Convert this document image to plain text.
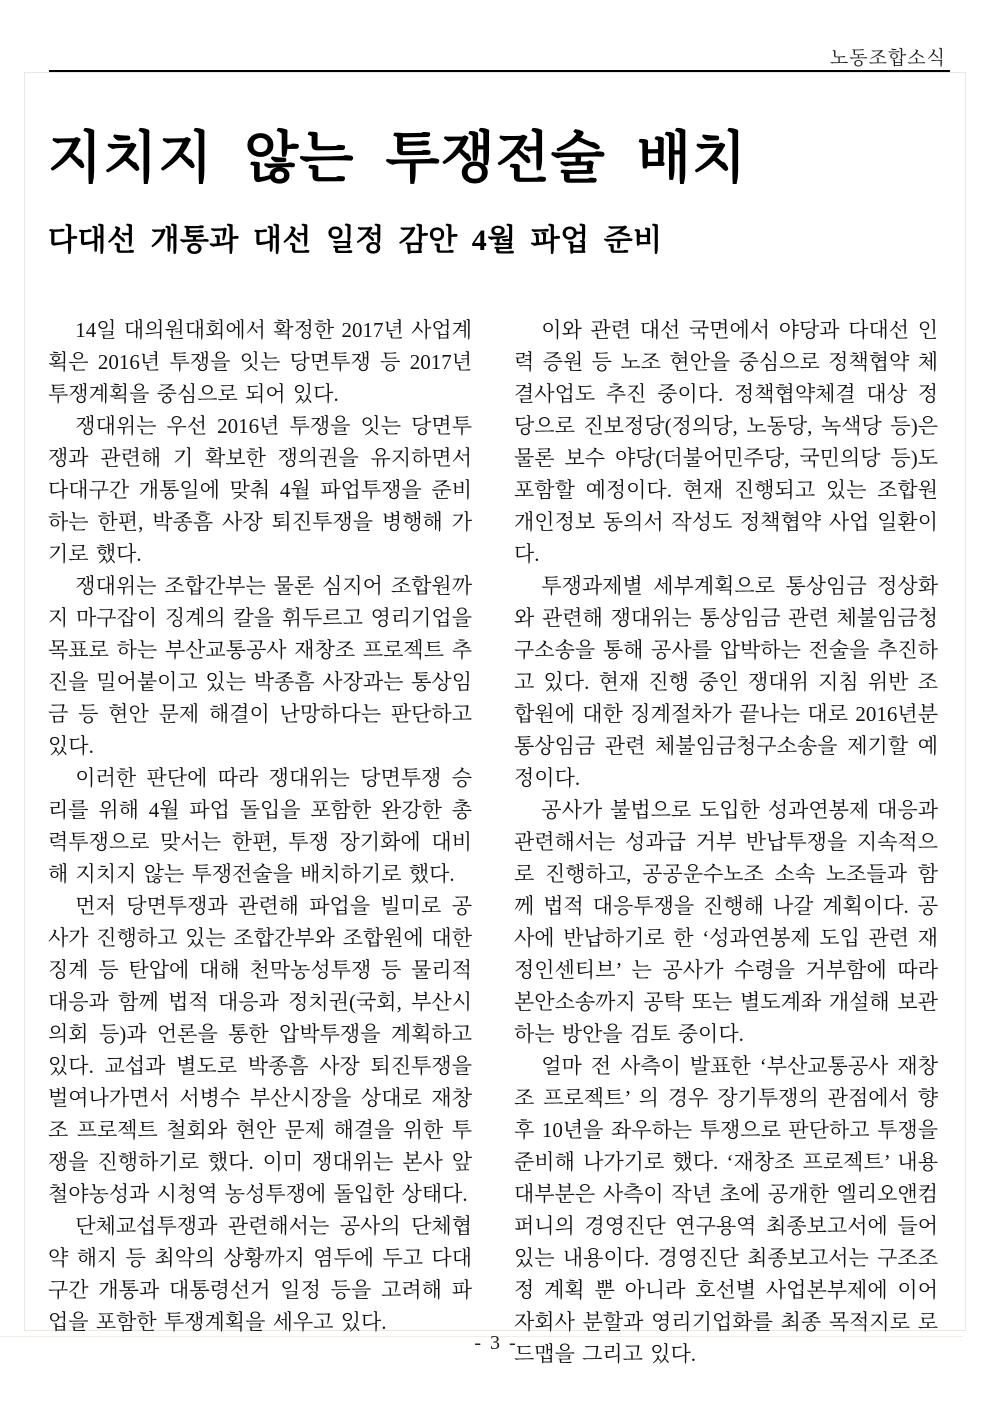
노동조합소식
지치지 않는 투쟁전술 배치
다대선 개통과 대선 일정 감안 4월 파업 준비

14일 대의원대회에서 확정한 2017년 사업계획은 2016년 투쟁을 잇는 당면투쟁 등 2017년 투쟁계획을 중심으로 되어 있다.

쟁대위는 우선 2016년 투쟁을 잇는 당면투쟁과 관련해 기 확보한 쟁의권을 유지하면서 다대구간 개통일에 맞춰 4월 파업투쟁을 준비하는 한편, 박종흠 사장 퇴진투쟁을 병행해 가기로 했다.

쟁대위는 조합간부는 물론 심지어 조합원까지 마구잡이 징계의 칼을 휘두르고 영리기업을 목표로 하는 부산교통공사 재창조 프로젝트 추진을 밀어붙이고 있는 박종흠 사장과는 통상임금 등 현안 문제 해결이 난망하다는 판단하고 있다.

이러한 판단에 따라 쟁대위는 당면투쟁 승리를 위해 4월 파업 돌입을 포함한 완강한 총력투쟁으로 맞서는 한편, 투쟁 장기화에 대비해 지치지 않는 투쟁전술을 배치하기로 했다.

먼저 당면투쟁과 관련해 파업을 빌미로 공사가 진행하고 있는 조합간부와 조합원에 대한 징계 등 탄압에 대해 천막농성투쟁 등 물리적 대응과 함께 법적 대응과 정치권(국회, 부산시의회 등)과 언론을 통한 압박투쟁을 계획하고 있다. 교섭과 별도로 박종흠 사장 퇴진투쟁을 벌여나가면서 서병수 부산시장을 상대로 재창조 프로젝트 철회와 현안 문제 해결을 위한 투쟁을 진행하기로 했다. 이미 쟁대위는 본사 앞 철야농성과 시청역 농성투쟁에 돌입한 상태다.

단체교섭투쟁과 관련해서는 공사의 단체협약 해지 등 최악의 상황까지 염두에 두고 다대구간 개통과 대통령선거 일정 등을 고려해 파업을 포함한 투쟁계획을 세우고 있다.

이와 관련 대선 국면에서 야당과 다대선 인력 증원 등 노조 현안을 중심으로 정책협약 체결사업도 추진 중이다. 정책협약체결 대상 정당으로 진보정당(정의당, 노동당, 녹색당 등)은 물론 보수 야당(더불어민주당, 국민의당 등)도 포함할 예정이다. 현재 진행되고 있는 조합원 개인정보 동의서 작성도 정책협약 사업 일환이다.

투쟁과제별 세부계획으로 통상임금 정상화와 관련해 쟁대위는 통상임금 관련 체불임금청구소송을 통해 공사를 압박하는 전술을 추진하고 있다. 현재 진행 중인 쟁대위 지침 위반 조합원에 대한 징계절차가 끝나는 대로 2016년분 통상임금 관련 체불임금청구소송을 제기할 예정이다.

공사가 불법으로 도입한 성과연봉제 대응과 관련해서는 성과급 거부 반납투쟁을 지속적으로 진행하고, 공공운수노조 소속 노조들과 함께 법적 대응투쟁을 진행해 나갈 계획이다. 공사에 반납하기로 한 ‘성과연봉제 도입 관련 재정인센티브’ 는 공사가 수령을 거부함에 따라 본안소송까지 공탁 또는 별도계좌 개설해 보관하는 방안을 검토 중이다.

얼마 전 사측이 발표한 ‘부산교통공사 재창조 프로젝트’ 의 경우 장기투쟁의 관점에서 향후 10년을 좌우하는 투쟁으로 판단하고 투쟁을 준비해 나가기로 했다. ‘재창조 프로젝트’ 내용 대부분은 사측이 작년 초에 공개한 엘리오앤컴퍼니의 경영진단 연구용역 최종보고서에 들어 있는 내용이다. 경영진단 최종보고서는 구조조정 계획 뿐 아니라 호선별 사업본부제에 이어 자회사 분할과 영리기업화를 최종 목적지로 로드맵을 그리고 있다.

- 3 -
